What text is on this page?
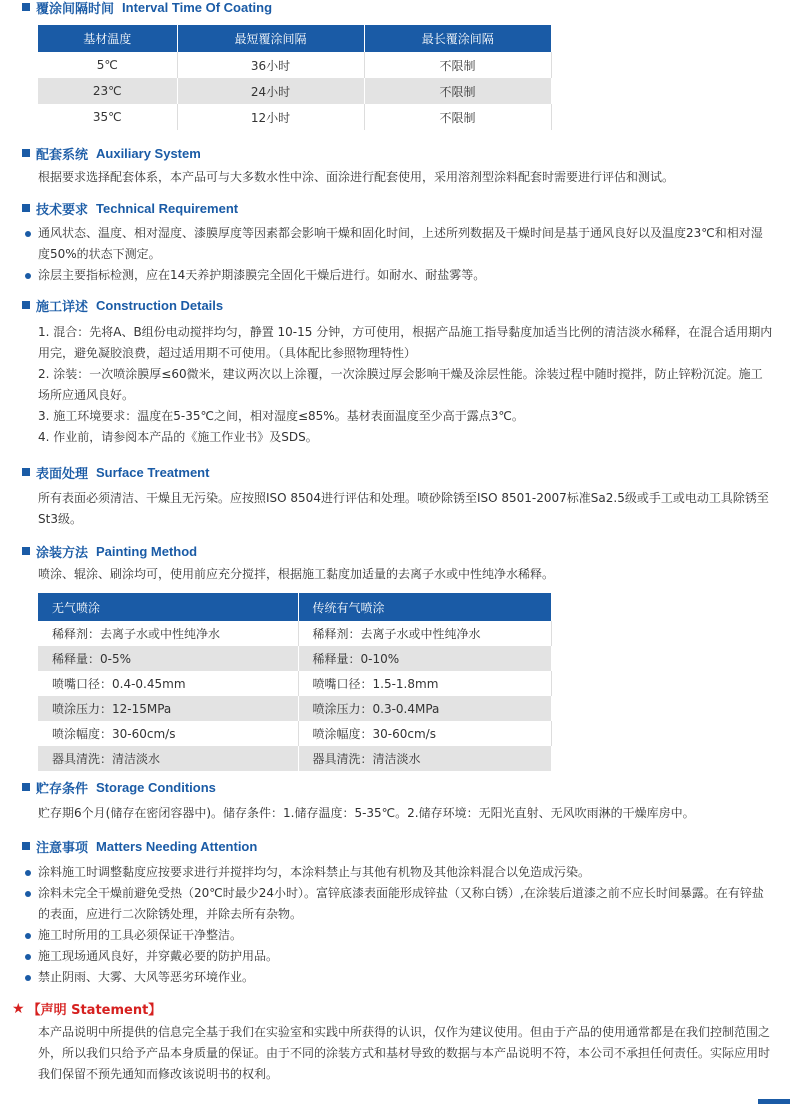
覆涂间隔时间 Interval Time Of Coating
基材温度	最短覆涂间隔	最长覆涂间隔
5℃	36小时	不限制
23℃	24小时	不限制
35℃	12小时	不限制
配套系统 Auxiliary System

根据要求选择配套体系，本产品可与大多数水性中涂、面涂进行配套使用，采用溶剂型涂料配套时需要进行评估和测试。

技术要求 Technical Requirement
通风状态、温度、相对湿度、漆膜厚度等因素都会影响干燥和固化时间，上述所列数据及干燥时间是基于通风良好以及温度23℃和相对湿度50%的状态下测定。
涂层主要指标检测，应在14天养护期漆膜完全固化干燥后进行。如耐水、耐盐雾等。
施工详述 Construction Details
1. 混合：先将A、B组份电动搅拌均匀，静置 10-15 分钟，方可使用，根据产品施工指导黏度加适当比例的清洁淡水稀释，在混合适用期内用完，避免凝胶浪费，超过适用期不可使用。（具体配比参照物理特性）
2. 涂装：一次喷涂膜厚≤60微米，建议两次以上涂覆，一次涂膜过厚会影响干燥及涂层性能。涂装过程中随时搅拌，防止锌粉沉淀。施工场所应通风良好。
3. 施工环境要求：温度在5-35℃之间，相对湿度≤85%。基材表面温度至少高于露点3℃。
4. 作业前，请参阅本产品的《施工作业书》及SDS。
表面处理 Surface Treatment

所有表面必须清洁、干燥且无污染。应按照ISO 8504进行评估和处理。喷砂除锈至ISO 8501-2007标准Sa2.5级或手工或电动工具除锈至St3级。

涂装方法 Painting Method

喷涂、辊涂、刷涂均可，使用前应充分搅拌，根据施工黏度加适量的去离子水或中性纯净水稀释。

无气喷涂	传统有气喷涂
稀释剂：去离子水或中性纯净水	稀释剂：去离子水或中性纯净水
稀释量：0-5%	稀释量：0-10%
喷嘴口径：0.4-0.45mm	喷嘴口径：1.5-1.8mm
喷涂压力：12-15MPa	喷涂压力：0.3-0.4MPa
喷涂幅度：30-60cm/s	喷涂幅度：30-60cm/s
器具清洗：清洁淡水	器具清洗：清洁淡水
贮存条件 Storage Conditions

贮存期6个月(储存在密闭容器中)。储存条件：1.储存温度：5-35℃。2.储存环境：无阳光直射、无风吹雨淋的干燥库房中。

注意事项 Matters Needing Attention
涂料施工时调整黏度应按要求进行并搅拌均匀，本涂料禁止与其他有机物及其他涂料混合以免造成污染。
涂料未完全干燥前避免受热（20℃时最少24小时）。富锌底漆表面能形成锌盐（又称白锈）,在涂装后道漆之前不应长时间暴露。在有锌盐的表面，应进行二次除锈处理，并除去所有杂物。
施工时所用的工具必须保证干净整洁。
施工现场通风良好，并穿戴必要的防护用品。
禁止阴雨、大雾、大风等恶劣环境作业。
★ 【声明 Statement】

本产品说明中所提供的信息完全基于我们在实验室和实践中所获得的认识，仅作为建议使用。但由于产品的使用通常都是在我们控制范围之外，所以我们只给予产品本身质量的保证。由于不同的涂装方式和基材导致的数据与本产品说明不符，本公司不承担任何责任。实际应用时我们保留不预先通知而修改该说明书的权利。
